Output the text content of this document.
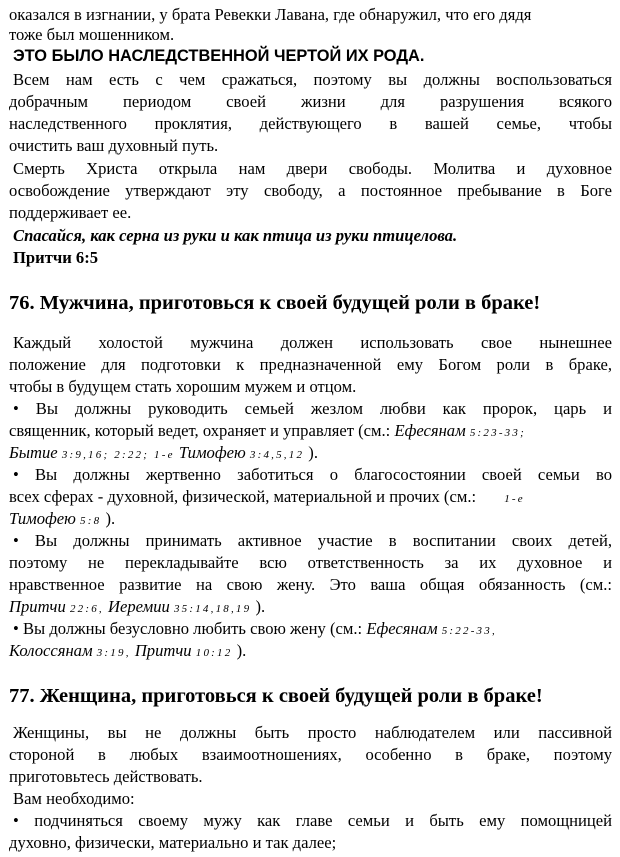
оказался в изгнании, у брата Ревекки Лавана, где обнаружил, что его дядя
тоже был мошенником.
ЭТО БЫЛО НАСЛЕДСТВЕННОЙ ЧЕРТОЙ ИХ РОДА.
Всем нам есть с чем сражаться, поэтому вы должны воспользоваться
добрачным периодом своей жизни для разрушения всякого
наследственного проклятия, действующего в вашей семье, чтобы
очистить ваш духовный путь.
Смерть Христа открыла нам двери свободы. Молитва и духовное
освобождение утверждают эту свободу, а постоянное пребывание в Боге
поддерживает ее.
Спасайся, как серна из руки и как птица из руки птицелова.
Притчи 6:5
76. Мужчина, приготовься к своей будущей роли в браке!
Каждый холостой мужчина должен использовать свое нынешнее
положение для подготовки к предназначенной ему Богом роли в браке,
чтобы в будущем стать хорошим мужем и отцом.
• Вы должны руководить семьей жезлом любви как пророк, царь и
священник, который ведет, охраняет и управляет (см.: Ефесянам 5:23-33;
Бытие 3:9,16; 2:22; 1-е Тимофею 3:4,5,12 ).
• Вы должны жертвенно заботиться о благосостоянии своей семьи во
всех сферах - духовной, физической, материальной и прочих (см.: 1-е
Тимофею 5:8 ).
• Вы должны принимать активное участие в воспитании своих детей,
поэтому не перекладывайте всю ответственность за их духовное и
нравственное развитие на свою жену. Это ваша общая обязанность (см.:
Притчи 22:6, Иеремии 35:14,18,19 ).
• Вы должны безусловно любить свою жену (см.: Ефесянам 5:22-33,
Колоссянам 3:19, Притчи 10:12 ).
77. Женщина, приготовься к своей будущей роли в браке!
Женщины, вы не должны быть просто наблюдателем или пассивной
стороной в любых взаимоотношениях, особенно в браке, поэтому
приготовьтесь действовать.
Вам необходимо:
• подчиняться своему мужу как главе семьи и быть ему помощницей
духовно, физически, материально и так далее;
